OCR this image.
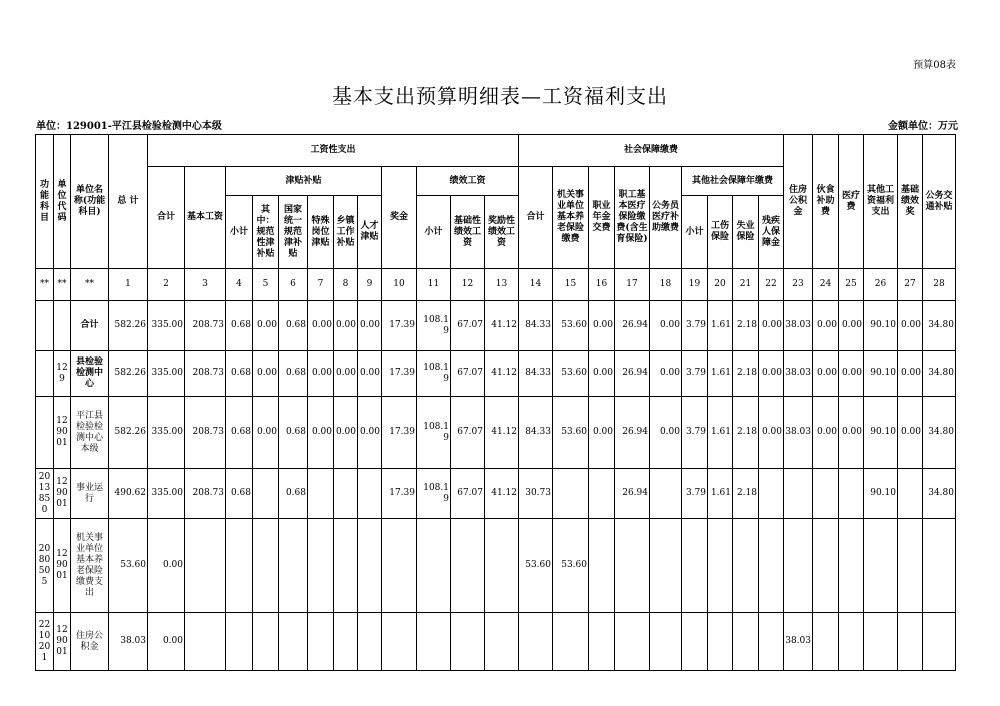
预算08表
基本支出预算明细表—工资福利支出
单位：129001-平江县检验检测中心本级	金额单位：万元
功能科目	单位代码	单位名称(功能科目)	总 计	工资性支出												社会保障缴费									住房公积金	伙食补助费	医疗费	其他工资福利支出	基础绩效奖	公务交通补贴
				合计	基本工资	津贴补贴						奖金	绩效工资			合计	机关事业单位基本养老保险缴费	职业年金交费	职工基本医疗保险缴费(含生育保险)	公务员医疗补助缴费	其他社会保障年缴费									
						小计	其中：规范性津补贴	国家统一规范津补贴	特殊岗位津贴	乡镇工作补贴	人才津贴		小计	基础性绩效工资	奖励性绩效工资						小计	工伤保险	失业保险	残疾人保障金						

**	**	**	1	2	3	4	5	6	7	8	9	10	11	12	13	14	15	16	17	18	19	20	21	22	23	24	25	26	27	28
		合计	582.26	335.00	208.73	0.68	0.00	0.68	0.00	0.00	0.00	17.39	108.19	67.07	41.12	84.33	53.60	0.00	26.94	0.00	3.79	1.61	2.18	0.00	38.03	0.00	0.00	90.10	0.00	34.80
	129	县检验检测中心	582.26	335.00	208.73	0.68	0.00	0.68	0.00	0.00	0.00	17.39	108.19	67.07	41.12	84.33	53.60	0.00	26.94	0.00	3.79	1.61	2.18	0.00	38.03	0.00	0.00	90.10	0.00	34.80
	129001	平江县检验检测中心本级	582.26	335.00	208.73	0.68	0.00	0.68	0.00	0.00	0.00	17.39	108.19	67.07	41.12	84.33	53.60	0.00	26.94	0.00	3.79	1.61	2.18	0.00	38.03	0.00	0.00	90.10	0.00	34.80
2013850	129001	事业运行	490.62	335.00	208.73	0.68		0.68				17.39	108.19	67.07	41.12	30.73			26.94		3.79	1.61	2.18					90.10		34.80
2080505	129001	机关事业单位基本养老保险缴费支出	53.60	0.00												53.60	53.60													
2210201	129001	住房公积金	38.03	0.00																					38.03					
